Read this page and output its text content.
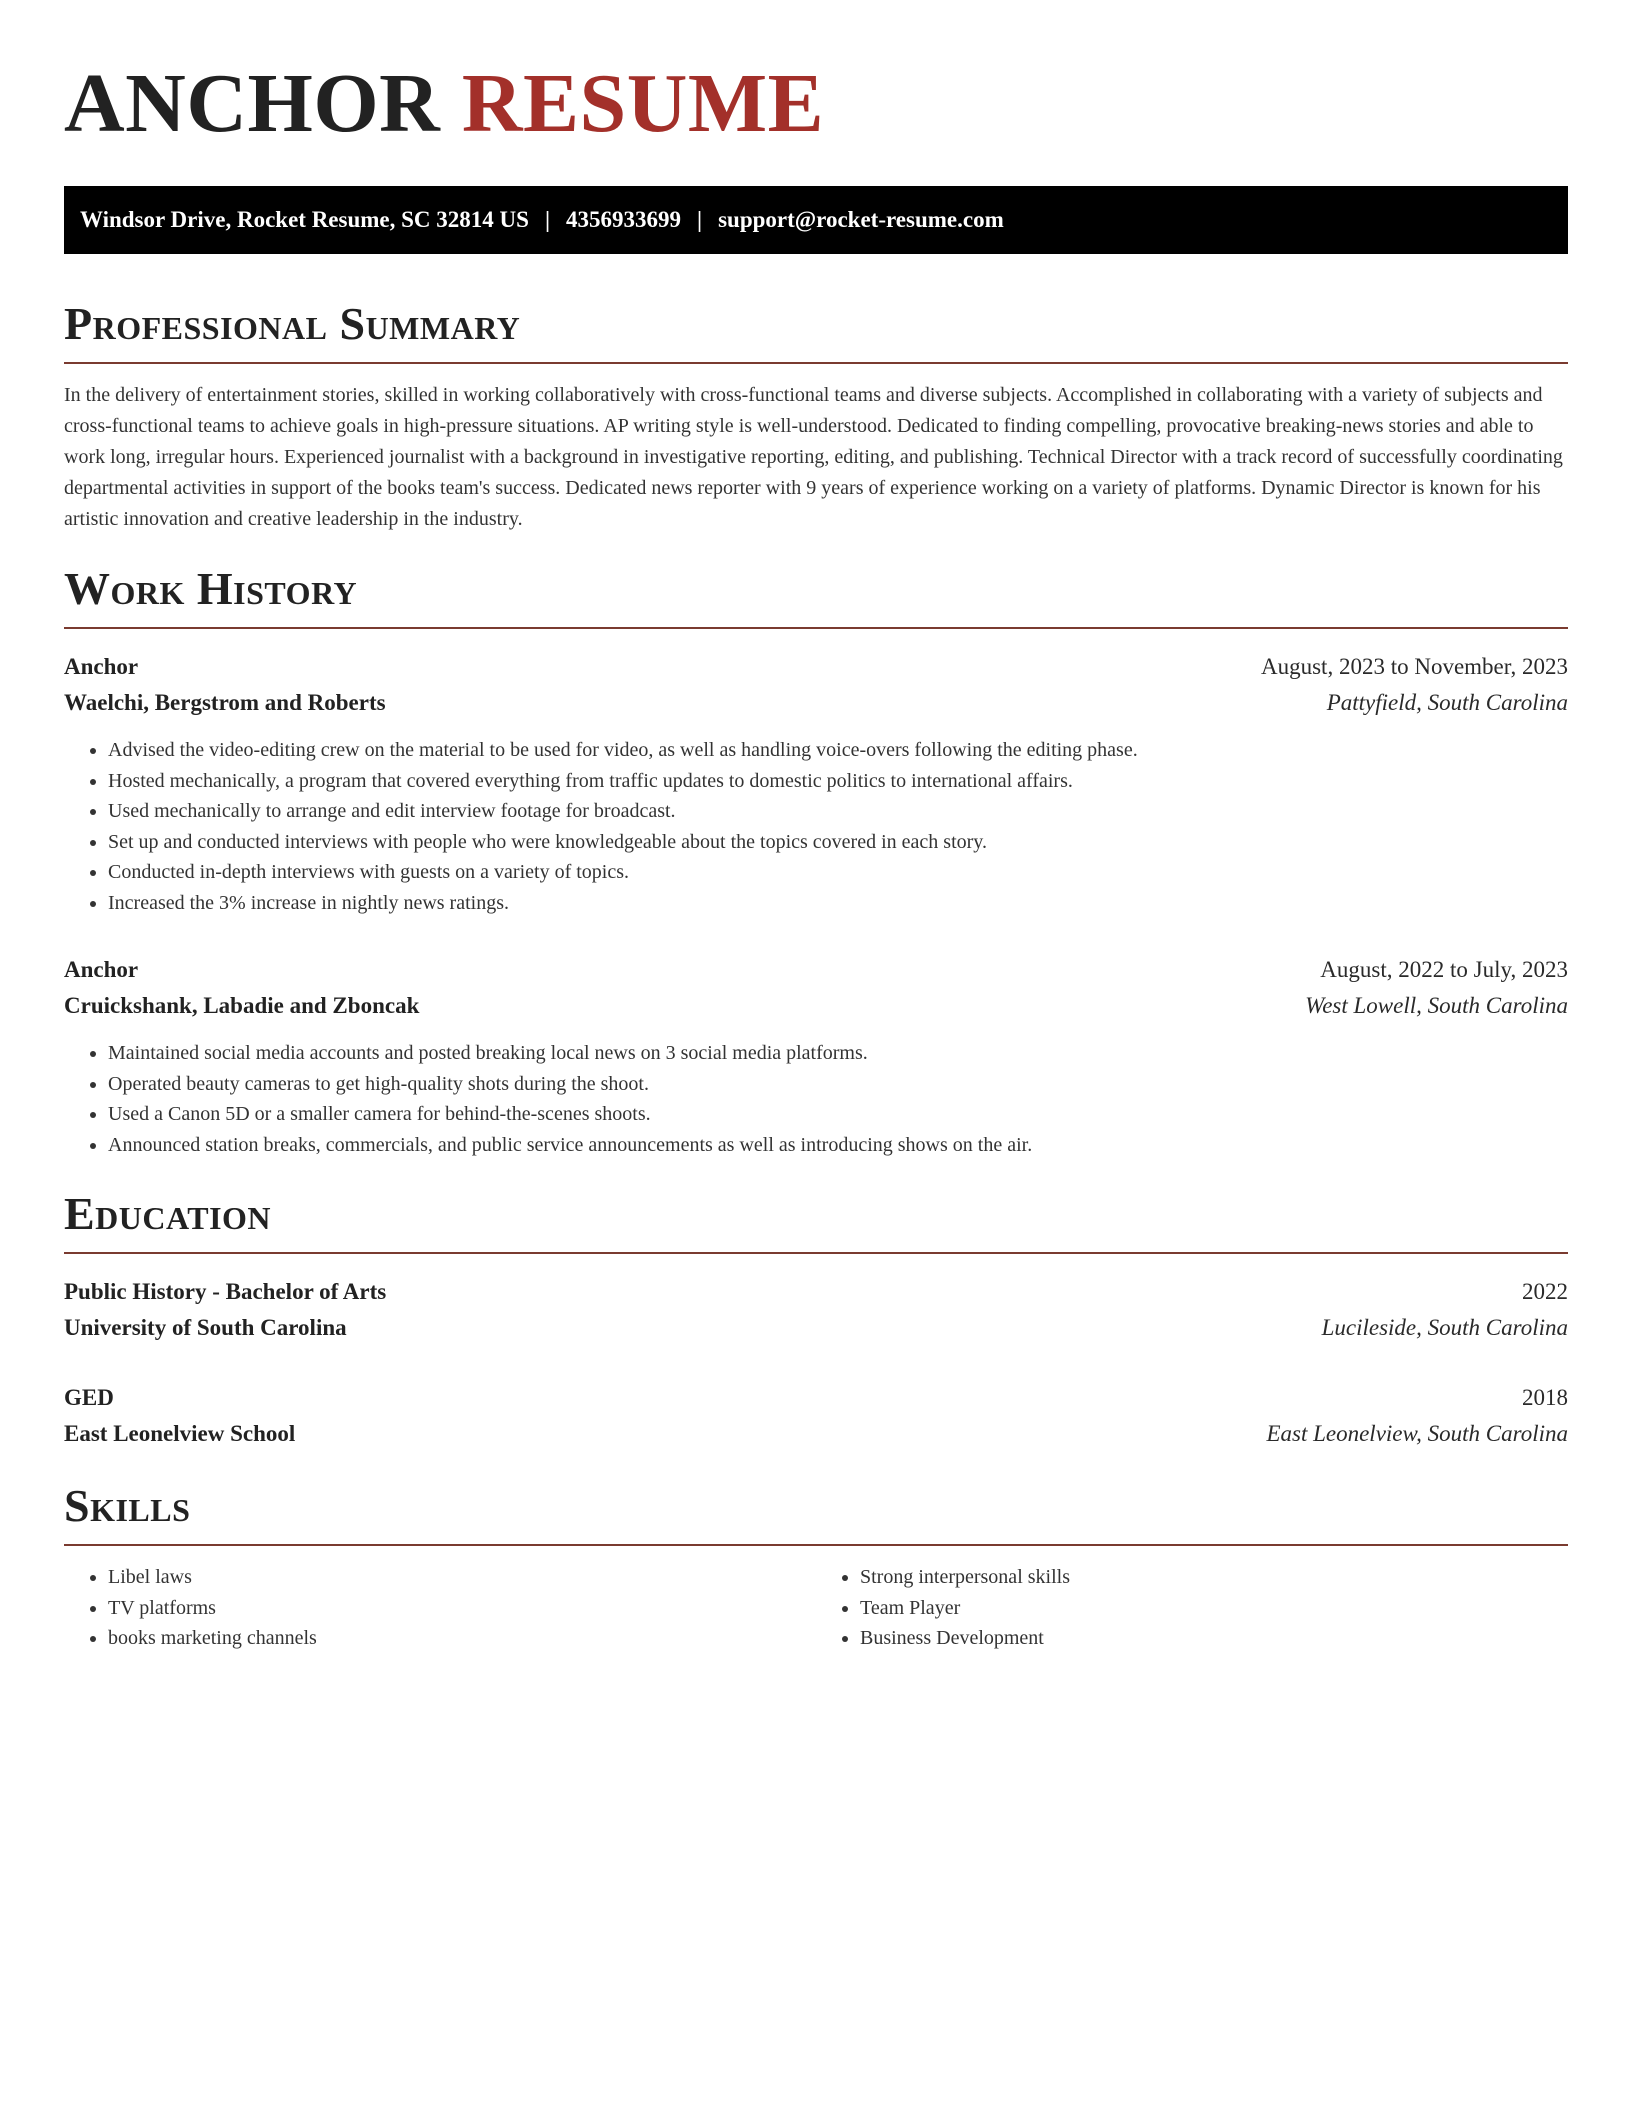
ANCHOR RESUME
Windsor Drive, Rocket Resume, SC 32814 US | 4356933699 | support@rocket-resume.com
Professional Summary
In the delivery of entertainment stories, skilled in working collaboratively with cross-functional teams and diverse subjects. Accomplished in collaborating with a variety of subjects and cross-functional teams to achieve goals in high-pressure situations. AP writing style is well-understood. Dedicated to finding compelling, provocative breaking-news stories and able to work long, irregular hours. Experienced journalist with a background in investigative reporting, editing, and publishing. Technical Director with a track record of successfully coordinating departmental activities in support of the books team's success. Dedicated news reporter with 9 years of experience working on a variety of platforms. Dynamic Director is known for his artistic innovation and creative leadership in the industry.
Work History
Anchor	August, 2023 to November, 2023
Waelchi, Bergstrom and Roberts	Pattyfield, South Carolina
• Advised the video-editing crew on the material to be used for video, as well as handling voice-overs following the editing phase.
• Hosted mechanically, a program that covered everything from traffic updates to domestic politics to international affairs.
• Used mechanically to arrange and edit interview footage for broadcast.
• Set up and conducted interviews with people who were knowledgeable about the topics covered in each story.
• Conducted in-depth interviews with guests on a variety of topics.
• Increased the 3% increase in nightly news ratings.
Anchor	August, 2022 to July, 2023
Cruickshank, Labadie and Zboncak	West Lowell, South Carolina
• Maintained social media accounts and posted breaking local news on 3 social media platforms.
• Operated beauty cameras to get high-quality shots during the shoot.
• Used a Canon 5D or a smaller camera for behind-the-scenes shoots.
• Announced station breaks, commercials, and public service announcements as well as introducing shows on the air.
Education
Public History - Bachelor of Arts	2022
University of South Carolina	Lucileside, South Carolina
GED	2018
East Leonelview School	East Leonelview, South Carolina
Skills
• Libel laws
• TV platforms
• books marketing channels
• Strong interpersonal skills
• Team Player
• Business Development
